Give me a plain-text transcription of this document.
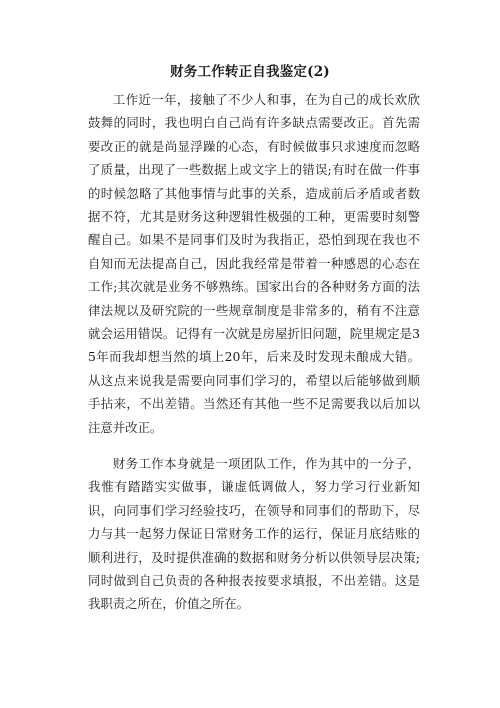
财务工作转正自我鉴定(2)

工作近一年，接触了不少人和事，在为自己的成长欢欣鼓舞的同时，我也明白自己尚有许多缺点需要改正。首先需要改正的就是尚显浮躁的心态，有时候做事只求速度而忽略了质量，出现了一些数据上或文字上的错误;有时在做一件事的时候忽略了其他事情与此事的关系，造成前后矛盾或者数据不符，尤其是财务这种逻辑性极强的工种，更需要时刻警醒自己。如果不是同事们及时为我指正，恐怕到现在我也不自知而无法提高自己，因此我经常是带着一种感恩的心态在工作;其次就是业务不够熟练。国家出台的各种财务方面的法律法规以及研究院的一些规章制度是非常多的，稍有不注意就会运用错误。记得有一次就是房屋折旧问题，院里规定是35年而我却想当然的填上20年，后来及时发现未酿成大错。从这点来说我是需要向同事们学习的，希望以后能够做到顺手拈来，不出差错。当然还有其他一些不足需要我以后加以注意并改正。

财务工作本身就是一项团队工作，作为其中的一分子，我惟有踏踏实实做事，谦虚低调做人，努力学习行业新知识，向同事们学习经验技巧，在领导和同事们的帮助下，尽力与其一起努力保证日常财务工作的运行，保证月底结账的顺利进行，及时提供准确的数据和财务分析以供领导层决策;同时做到自己负责的各种报表按要求填报，不出差错。这是我职责之所在，价值之所在。
